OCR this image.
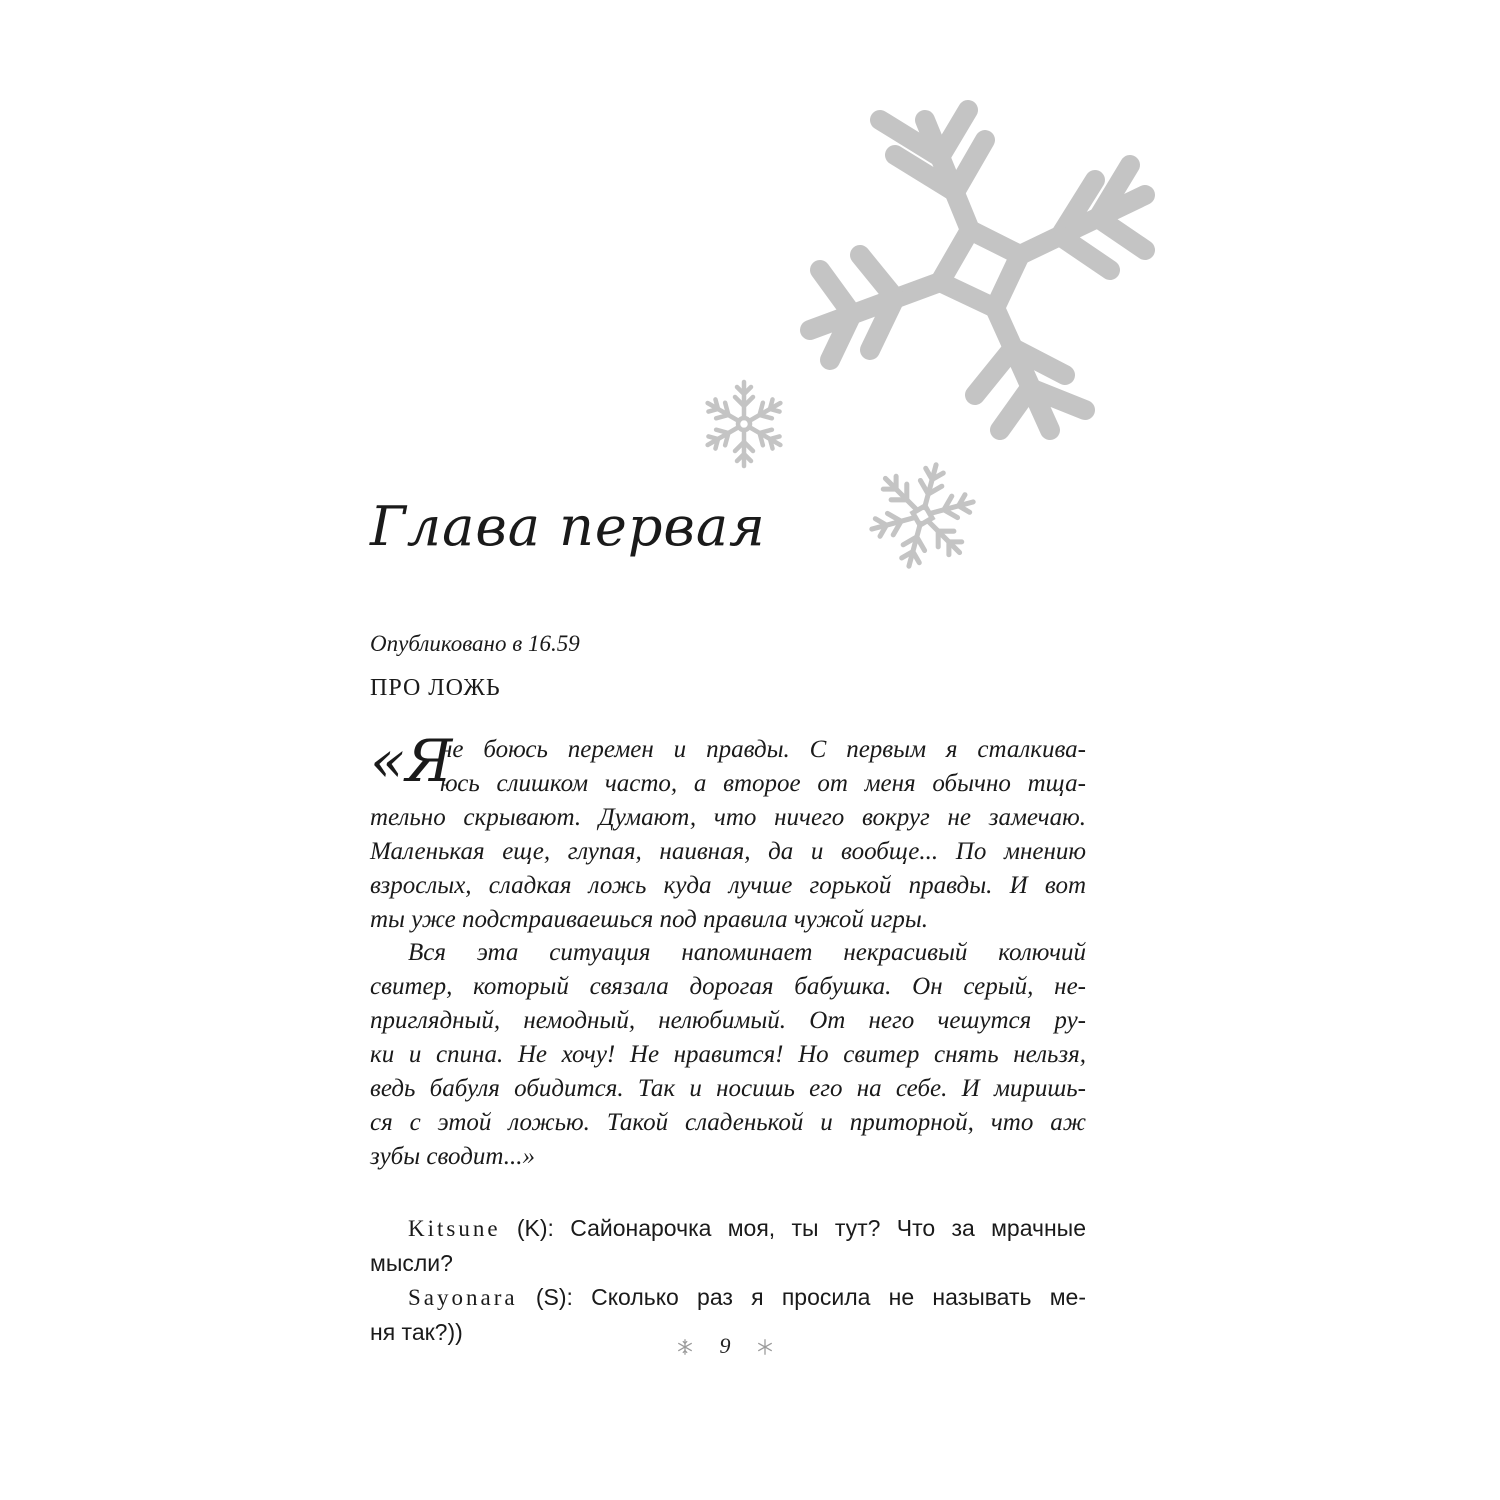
Глава первая
Опубликовано в 16.59
ПРО ЛОЖЬ
«Я
не боюсь перемен и правды. С первым я сталкива-
юсь слишком часто, а второе от меня обычно тща-
тельно скрывают. Думают, что ничего вокруг не замечаю.
Маленькая еще, глупая, наивная, да и вообще... По мнению
взрослых, сладкая ложь куда лучше горькой правды. И вот
ты уже подстраиваешься под правила чужой игры.
Вся эта ситуация напоминает некрасивый колючий
свитер, который связала дорогая бабушка. Он серый, не-
приглядный, немодный, нелюбимый. От него чешутся ру-
ки и спина. Не хочу! Не нравится! Но свитер снять нельзя,
ведь бабуля обидится. Так и носишь его на себе. И миришь-
ся с этой ложью. Такой сладенькой и приторной, что аж
зубы сводит...»
Kitsune (K): Сайонарочка моя, ты тут? Что за мрачные
мысли?
Sayonara (S): Сколько раз я просила не называть ме-
ня так?))
9
